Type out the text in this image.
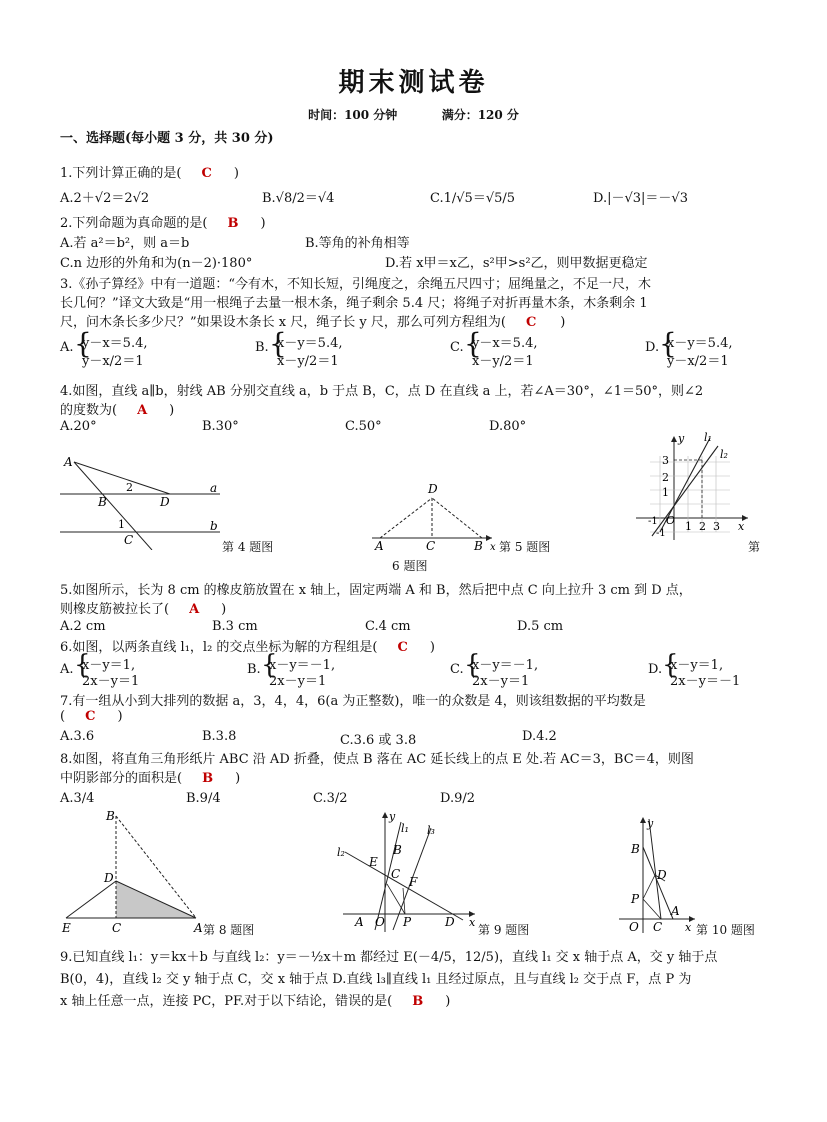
期末测试卷
时间：100 分钟	满分：120 分
一、选择题(每小题 3 分，共 30 分)
1.下列计算正确的是( C )
A.2＋√2＝2√2	B.√8/2＝√4	C.1/√5＝√5/5	D.|－√3|＝－√3
2.下列命题为真命题的是( B )
A.若 a²＝b²，则 a＝b	B.等角的补角相等
C.n 边形的外角和为(n－2)·180°	D.若 x甲＝x乙，s²甲>s²乙，则甲数据更稳定
3.《孙子算经》中有一道题：“今有木，不知长短，引绳度之，余绳五尺四寸；屈绳量之，不足一尺，木
长几何？”译文大致是“用一根绳子去量一根木条，绳子剩余 5.4 尺；将绳子对折再量木条，木条剩余 1
尺，问木条长多少尺？”如果设木条长 x 尺，绳子长 y 尺，那么可列方程组为( C )
A. {
y－x＝5.4,
y－x/2＝1
B. {
x－y＝5.4,
x－y/2＝1
C. {
y－x＝5.4,
x－y/2＝1
D. {
x－y＝5.4,
y－x/2＝1
4.如图，直线 a∥b，射线 AB 分别交直线 a，b 于点 B，C，点 D 在直线 a 上，若∠A＝30°，∠1＝50°，则∠2
的度数为( A )
A.20°	B.30°	C.50°	D.80°
A
B
C
D
a
b
1
2
第 4 题图
D
A	C	B x 第 5 题图
6 题图
y l₁
l₂
x
3
2
1
-1
-1 O 1 2 3
第
5.如图所示，长为 8 cm 的橡皮筋放置在 x 轴上，固定两端 A 和 B，然后把中点 C 向上拉升 3 cm 到 D 点，
则橡皮筋被拉长了( A )
A.2 cm	B.3 cm	C.4 cm	D.5 cm
6.如图，以两条直线 l₁，l₂ 的交点坐标为解的方程组是( C )
A. {
x－y＝1,
2x－y＝1
B. {
x－y＝－1,
2x－y＝1
C. {
x－y＝－1,
2x－y＝1
D. {
x－y＝1,
2x－y＝－1
7.有一组从小到大排列的数据 a，3，4，4，6(a 为正整数)，唯一的众数是 4，则该组数据的平均数是
( C )
A.3.6	B.3.8	C.3.6 或 3.8	D.4.2
8.如图，将直角三角形纸片 ABC 沿 AD 折叠，使点 B 落在 AC 延长线上的点 E 处.若 AC＝3，BC＝4，则图
中阴影部分的面积是( B )
A.3/4	B.9/4	C.3/2	D.9/2
B
D
E	C	A 第 8 题图
y
l₁ l₃
l₂
E
B
C
F
A O P	D x
第 9 题图
y
B
D
P
O C
A
x 第 10 题图
9.已知直线 l₁：y＝kx＋b 与直线 l₂：y＝－½x＋m 都经过 E(－4/5，12/5)，直线 l₁ 交 x 轴于点 A，交 y 轴于点
B(0，4)，直线 l₂ 交 y 轴于点 C，交 x 轴于点 D.直线 l₃∥直线 l₁ 且经过原点，且与直线 l₂ 交于点 F，点 P 为
x 轴上任意一点，连接 PC，PF.对于以下结论，错误的是( B )
